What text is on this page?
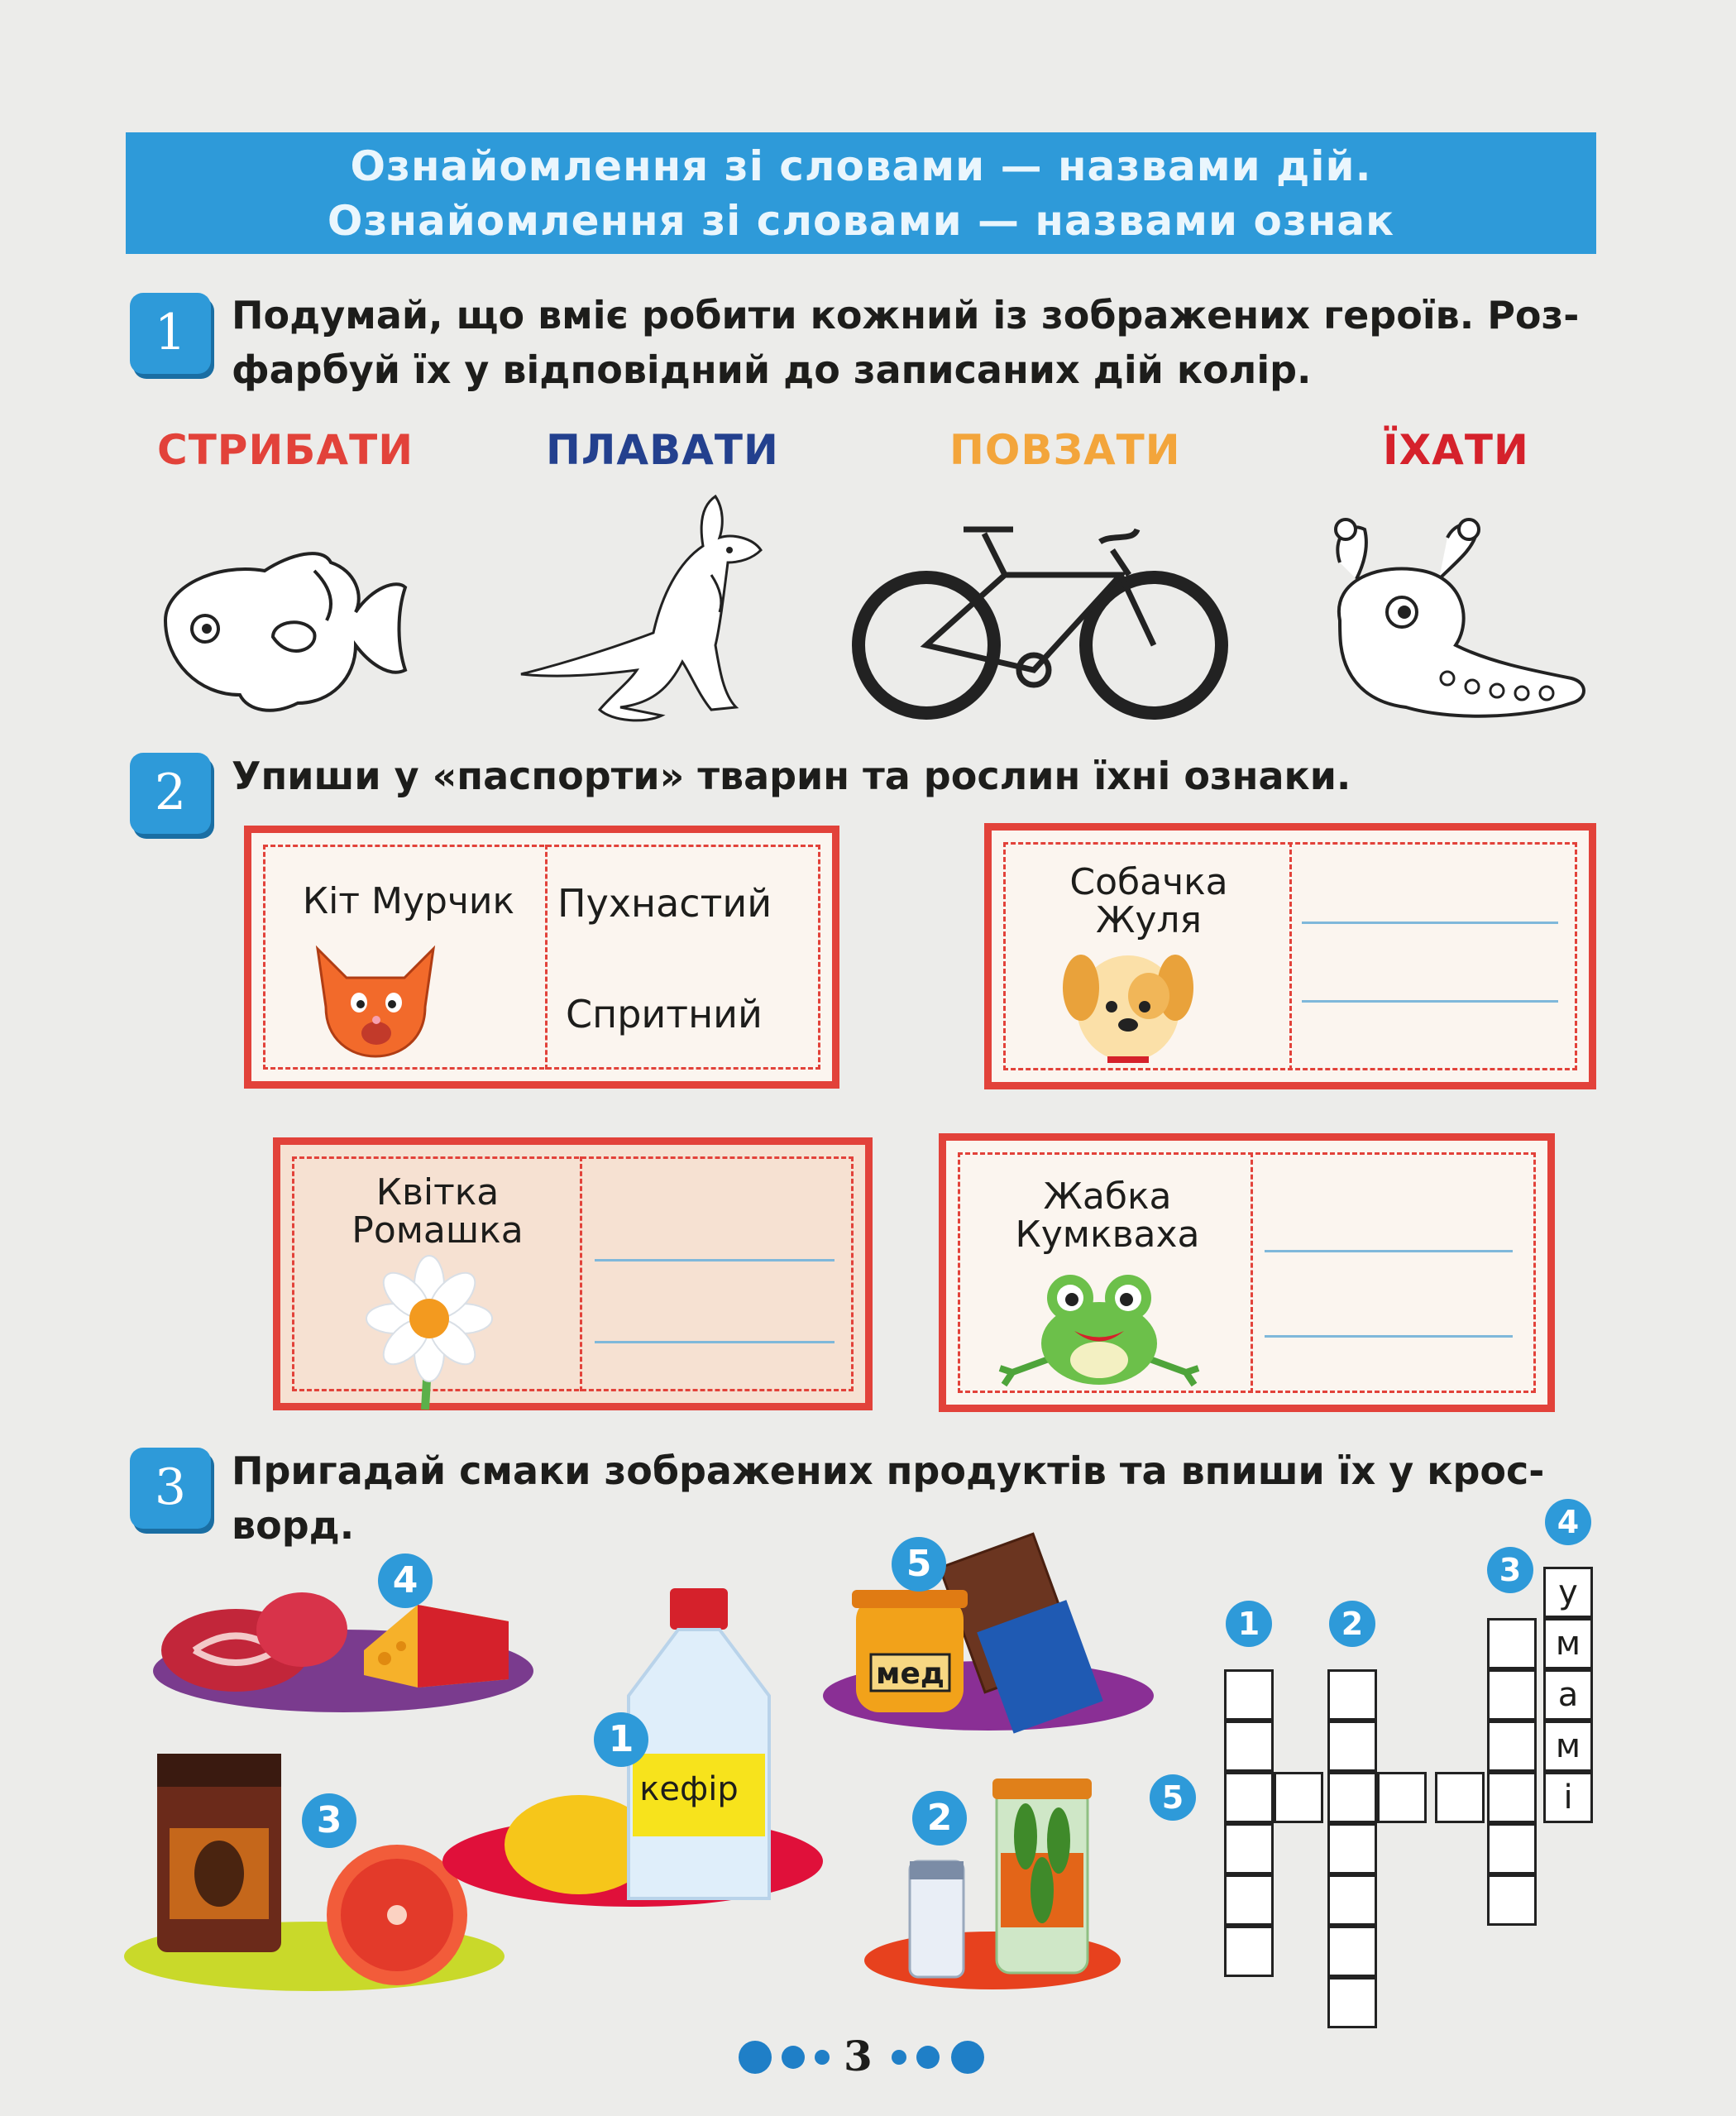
Ознайомлення зі словами — назвами дій.
Ознайомлення зі словами — назвами ознак
1	Подумай, що вміє робити кожний із зображених героїв. Роз-
фарбуй їх у відповідний до записаних дій колір.
СТРИБАТИ	ПЛАВАТИ	ПОВЗАТИ	ЇХАТИ
2	Упиши у «паспорти» тварин та рослин їхні ознаки.
Кіт Мурчик	Пухнастий
Спритний
Собачка
Жуля
Квітка
Ромашка
Жабка
Кумкваха
3	Пригадай смаки зображених продуктів та впиши їх у крос-
ворд.
4
3
кефір
1
мед
5
2
у
м
а
м
і
1	2
3
4
5
3
